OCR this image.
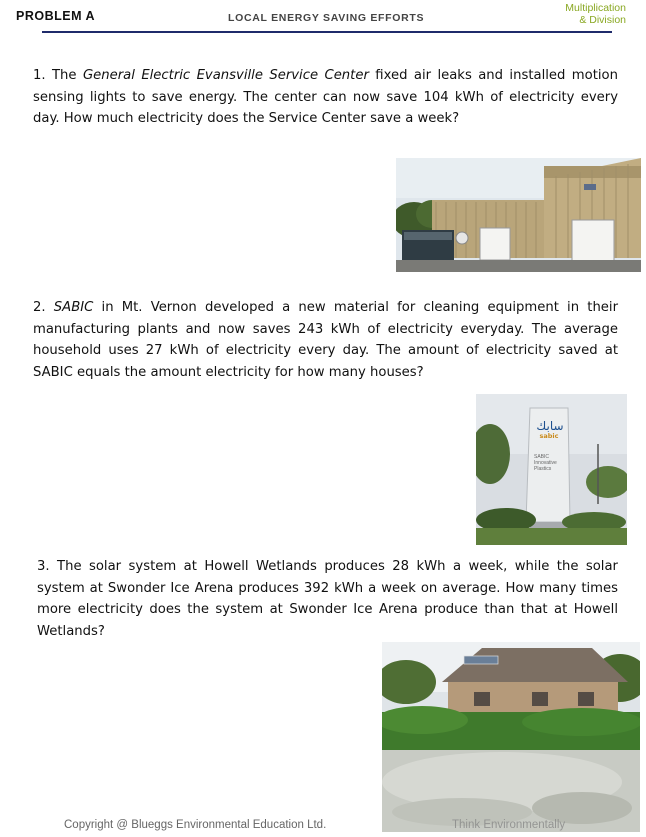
PROBLEM A	LOCAL ENERGY SAVING EFFORTS
Multiplication
& Division
1. The General Electric Evansville Service Center fixed air leaks and installed motion sensing lights to save energy. The center can now save 104 kWh of electricity every day. How much electricity does the Service Center save a week?
2. SABIC in Mt. Vernon developed a new material for cleaning equipment in their manufacturing plants and now saves 243 kWh of electricity everyday. The average household uses 27 kWh of electricity every day. The amount of electricity saved at SABIC equals the amount electricity for how many houses?
سابك
sabic
SABIC
Innovative
Plastics
3. The solar system at Howell Wetlands produces 28 kWh a week, while the solar system at Swonder Ice Arena produces 392 kWh a week on average. How many times more electricity does the system at Swonder Ice Arena produce than that at Howell Wetlands?
Copyright @ Blueggs Environmental Education Ltd.	Think Environmentally
